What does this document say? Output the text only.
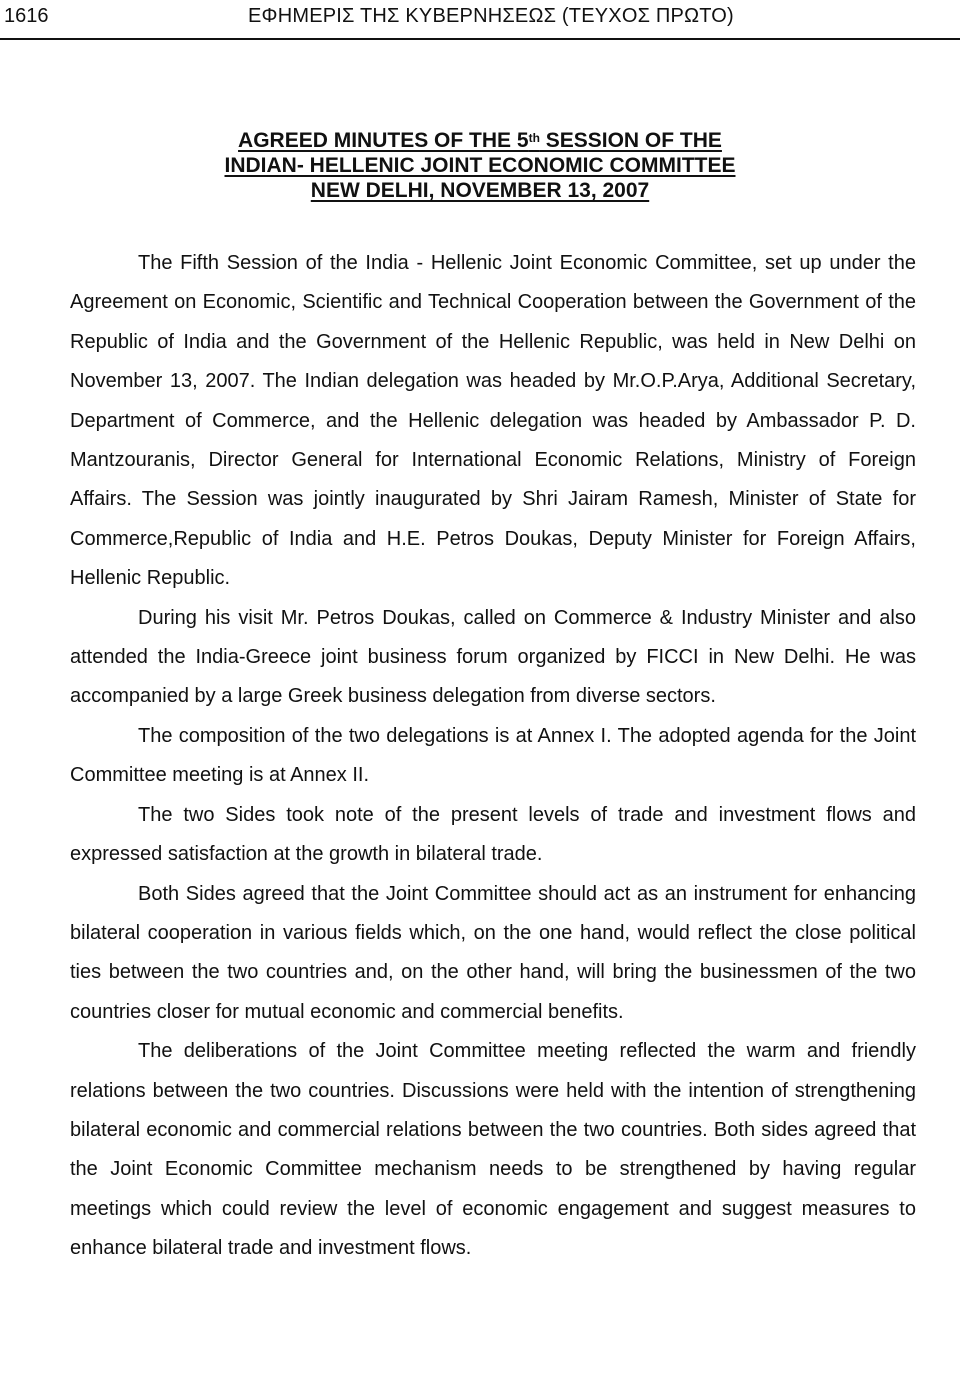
1616	ΕΦΗΜΕΡΙΣ ΤΗΣ ΚΥΒΕΡΝΗΣΕΩΣ (ΤΕΥΧΟΣ ΠΡΩΤΟ)
AGREED MINUTES OF THE 5th SESSION OF THE
INDIAN- HELLENIC JOINT ECONOMIC COMMITTEE
NEW DELHI, NOVEMBER 13, 2007

The Fifth Session of the India - Hellenic Joint Economic Committee, set up under the Agreement on Economic, Scientific and Technical Cooperation between the Government of the Republic of India and the Government of the Hellenic Republic, was held in New Delhi on November 13, 2007. The Indian delegation was headed by Mr.O.P.Arya, Additional Secretary, Department of Commerce, and the Hellenic delegation was headed by Ambassador P. D. Mantzouranis, Director General for International Economic Relations, Ministry of Foreign Affairs. The Session was jointly inaugurated by Shri Jairam Ramesh, Minister of State for Commerce,Republic of India and H.E. Petros Doukas, Deputy Minister for Foreign Affairs, Hellenic Republic.

During his visit Mr. Petros Doukas, called on Commerce & Industry Minister and also attended the India-Greece joint business forum organized by FICCI in New Delhi. He was accompanied by a large Greek business delegation from diverse sectors.

The composition of the two delegations is at Annex I. The adopted agenda for the Joint Committee meeting is at Annex II.

The two Sides took note of the present levels of trade and investment flows and expressed satisfaction at the growth in bilateral trade.

Both Sides agreed that the Joint Committee should act as an instrument for enhancing bilateral cooperation in various fields which, on the one hand, would reflect the close political ties between the two countries and, on the other hand, will bring the businessmen of the two countries closer for mutual economic and commercial benefits.

The deliberations of the Joint Committee meeting reflected the warm and friendly relations between the two countries. Discussions were held with the intention of strengthening bilateral economic and commercial relations between the two countries. Both sides agreed that the Joint Economic Committee mechanism needs to be strengthened by having regular meetings which could review the level of economic engagement and suggest measures to enhance bilateral trade and investment flows.
